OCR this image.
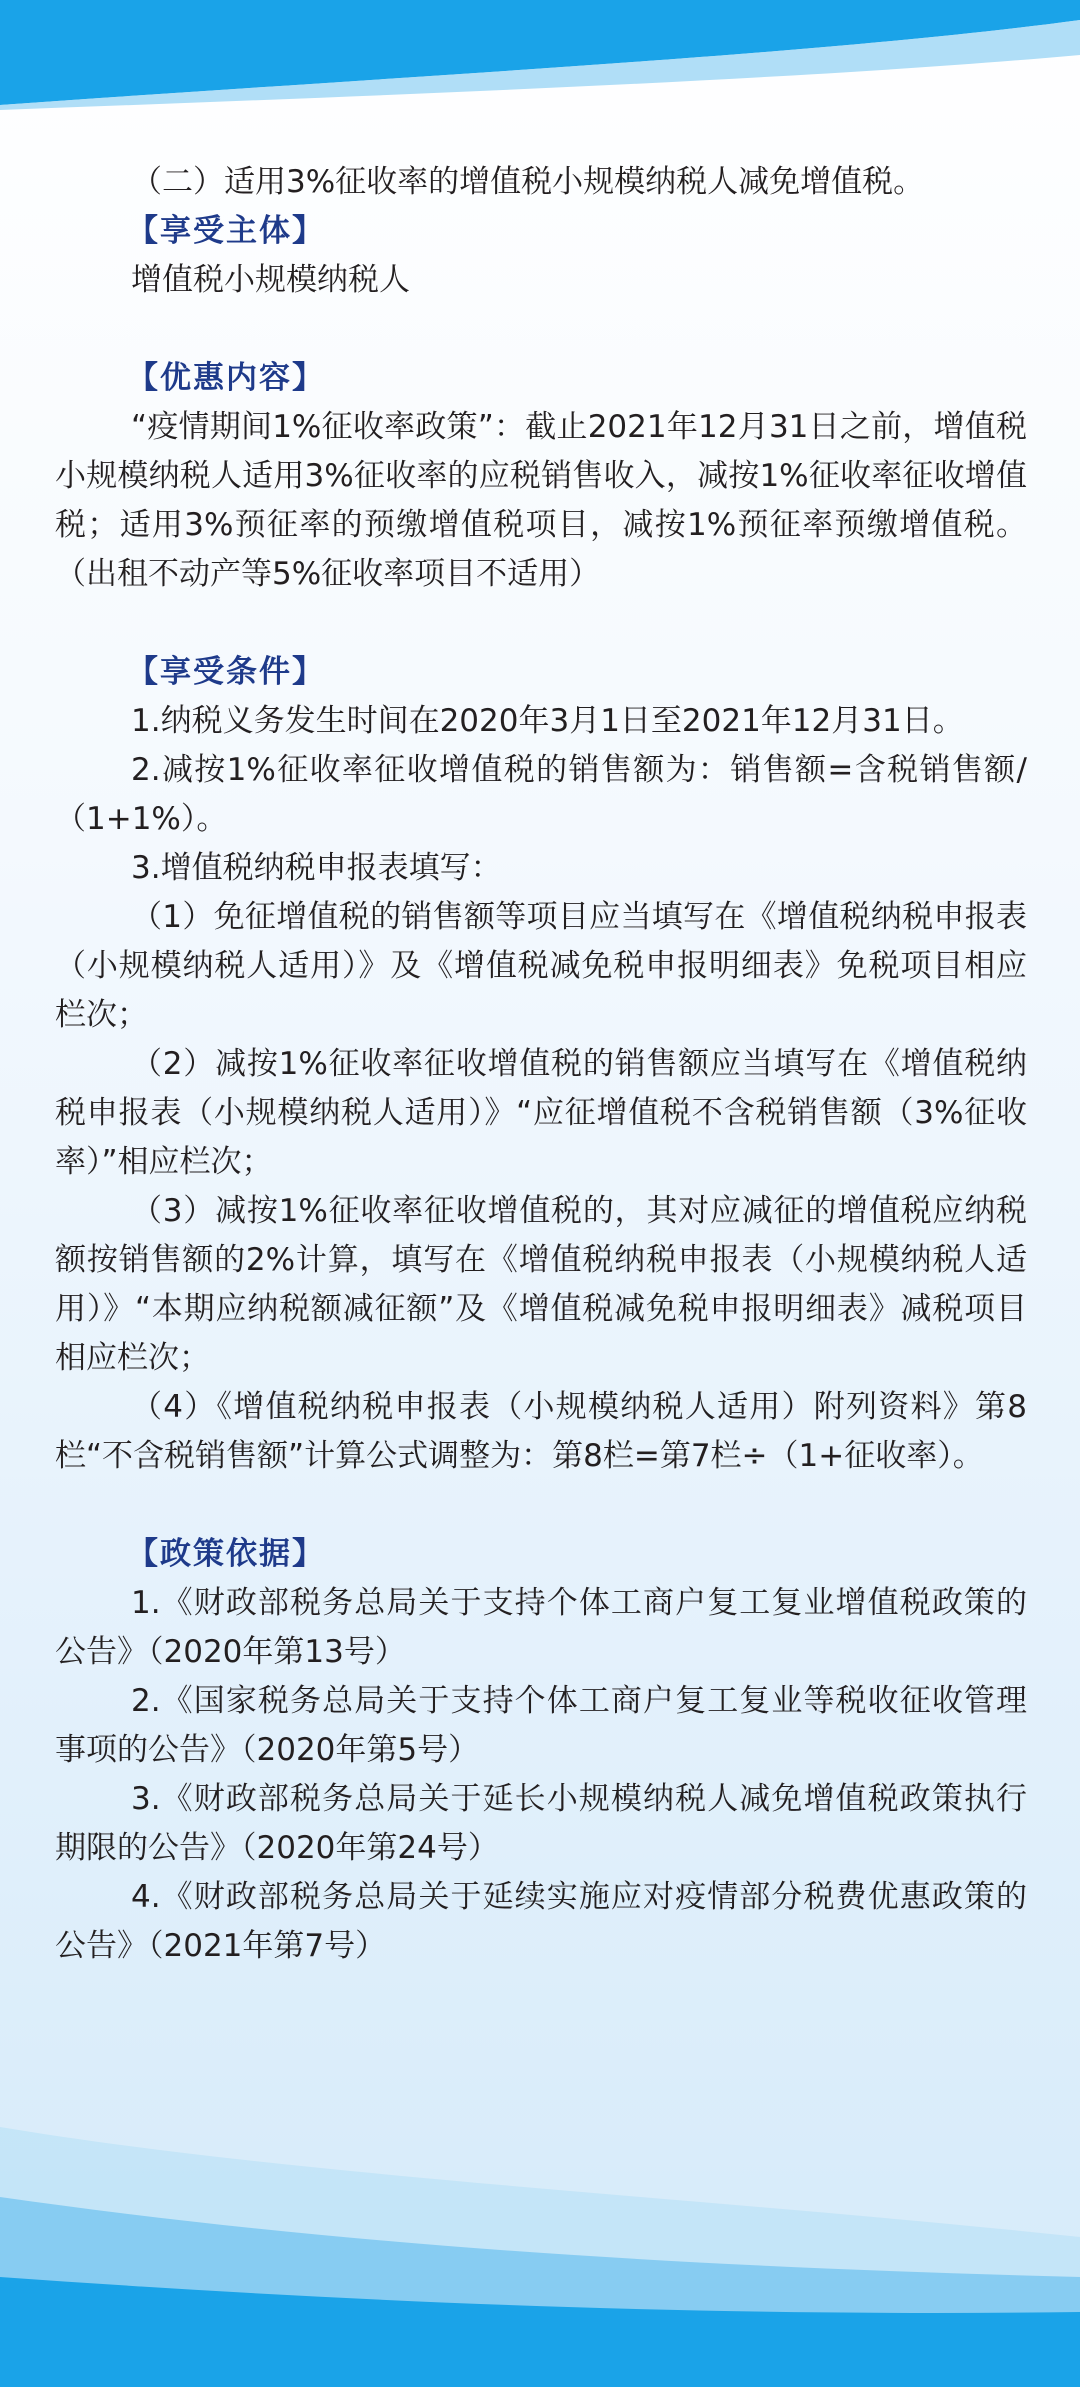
（二）适用3%征收率的增值税小规模纳税人减免增值税。

【享受主体】

增值税小规模纳税人

【优惠内容】

“疫情期间1%征收率政策”：截止2021年12月31日之前，增值税小规模纳税人适用3%征收率的应税销售收入，减按1%征收率征收增值税；适用3%预征率的预缴增值税项目，减按1%预征率预缴增值税。（出租不动产等5%征收率项目不适用）

【享受条件】

1.纳税义务发生时间在2020年3月1日至2021年12月31日。

2.减按1%征收率征收增值税的销售额为：销售额=含税销售额/（1+1%）。

3.增值税纳税申报表填写：

（1）免征增值税的销售额等项目应当填写在《增值税纳税申报表（小规模纳税人适用）》及《增值税减免税申报明细表》免税项目相应栏次；

（2）减按1%征收率征收增值税的销售额应当填写在《增值税纳税申报表（小规模纳税人适用）》“应征增值税不含税销售额（3%征收率）”相应栏次；

（3）减按1%征收率征收增值税的，其对应减征的增值税应纳税额按销售额的2%计算，填写在《增值税纳税申报表（小规模纳税人适用）》“本期应纳税额减征额”及《增值税减免税申报明细表》减税项目相应栏次；

（4）《增值税纳税申报表（小规模纳税人适用）附列资料》第8栏“不含税销售额”计算公式调整为：第8栏=第7栏÷（1+征收率）。

【政策依据】

1.《财政部税务总局关于支持个体工商户复工复业增值税政策的公告》（2020年第13号）

2.《国家税务总局关于支持个体工商户复工复业等税收征收管理事项的公告》（2020年第5号）

3.《财政部税务总局关于延长小规模纳税人减免增值税政策执行期限的公告》（2020年第24号）

4.《财政部税务总局关于延续实施应对疫情部分税费优惠政策的公告》（2021年第7号）
